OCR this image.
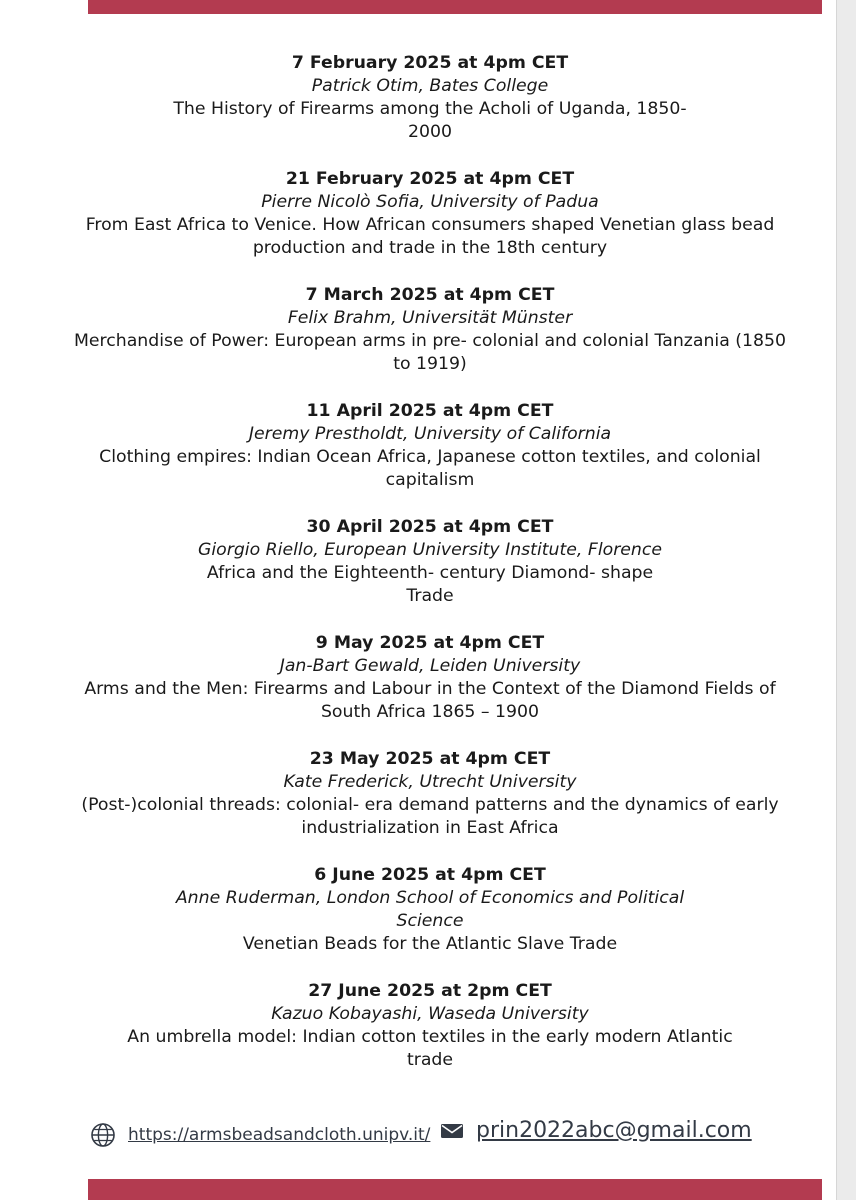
7 February 2025 at 4pm CET
Patrick Otim, Bates College
The History of Firearms among the Acholi of Uganda, 1850-
2000

21 February 2025 at 4pm CET
Pierre Nicolò Sofia, University of Padua
From East Africa to Venice. How African consumers shaped Venetian glass bead
production and trade in the 18th century

7 March 2025 at 4pm CET
Felix Brahm, Universität Münster
Merchandise of Power: European arms in pre- colonial and colonial Tanzania (1850
to 1919)

11 April 2025 at 4pm CET
Jeremy Prestholdt, University of California
Clothing empires: Indian Ocean Africa, Japanese cotton textiles, and colonial
capitalism

30 April 2025 at 4pm CET
Giorgio Riello, European University Institute, Florence
Africa and the Eighteenth- century Diamond- shape
Trade

9 May 2025 at 4pm CET
Jan-Bart Gewald, Leiden University
Arms and the Men: Firearms and Labour in the Context of the Diamond Fields of
South Africa 1865 – 1900

23 May 2025 at 4pm CET
Kate Frederick, Utrecht University
(Post-)colonial threads: colonial- era demand patterns and the dynamics of early
industrialization in East Africa

6 June 2025 at 4pm CET
Anne Ruderman, London School of Economics and Political
Science
Venetian Beads for the Atlantic Slave Trade

27 June 2025 at 2pm CET
Kazuo Kobayashi, Waseda University
An umbrella model: Indian cotton textiles in the early modern Atlantic
trade

https://armsbeadsandcloth.unipv.it/ prin2022abc@gmail.com
